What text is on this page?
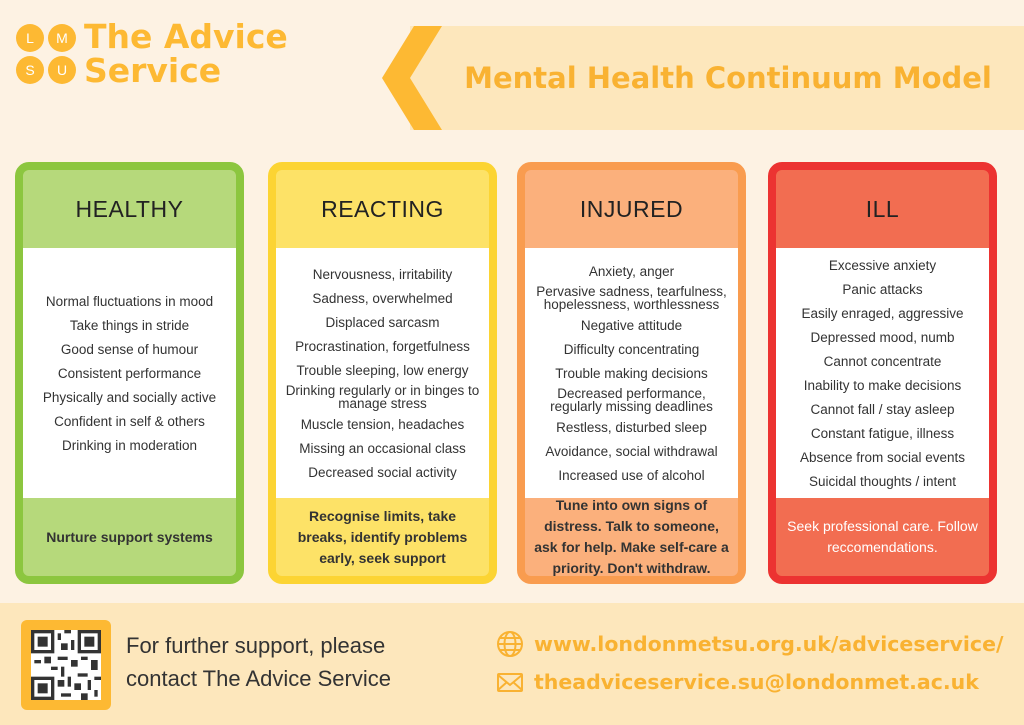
L	M
S	U
The Advice
Service	Mental Health Continuum Model
HEALTHY
Normal fluctuations in mood
Take things in stride
Good sense of humour
Consistent performance
Physically and socially active
Confident in self & others
Drinking in moderation
Nurture support systems
REACTING
Nervousness, irritability
Sadness, overwhelmed
Displaced sarcasm
Procrastination, forgetfulness
Trouble sleeping, low energy
Drinking regularly or in binges to manage stress
Muscle tension, headaches
Missing an occasional class
Decreased social activity
Recognise limits, take breaks, identify problems early, seek support
INJURED
Anxiety, anger
Pervasive sadness, tearfulness, hopelessness, worthlessness
Negative attitude
Difficulty concentrating
Trouble making decisions
Decreased performance, regularly missing deadlines
Restless, disturbed sleep
Avoidance, social withdrawal
Increased use of alcohol
Tune into own signs of distress. Talk to someone, ask for help. Make self-care a priority. Don't withdraw.
ILL
Excessive anxiety
Panic attacks
Easily enraged, aggressive
Depressed mood, numb
Cannot concentrate
Inability to make decisions
Cannot fall / stay asleep
Constant fatigue, illness
Absence from social events
Suicidal thoughts / intent
Seek professional care. Follow reccomendations.
For further support, please
contact The Advice Service
www.londonmetsu.org.uk/adviceservice/
theadviceservice.su@londonmet.ac.uk
